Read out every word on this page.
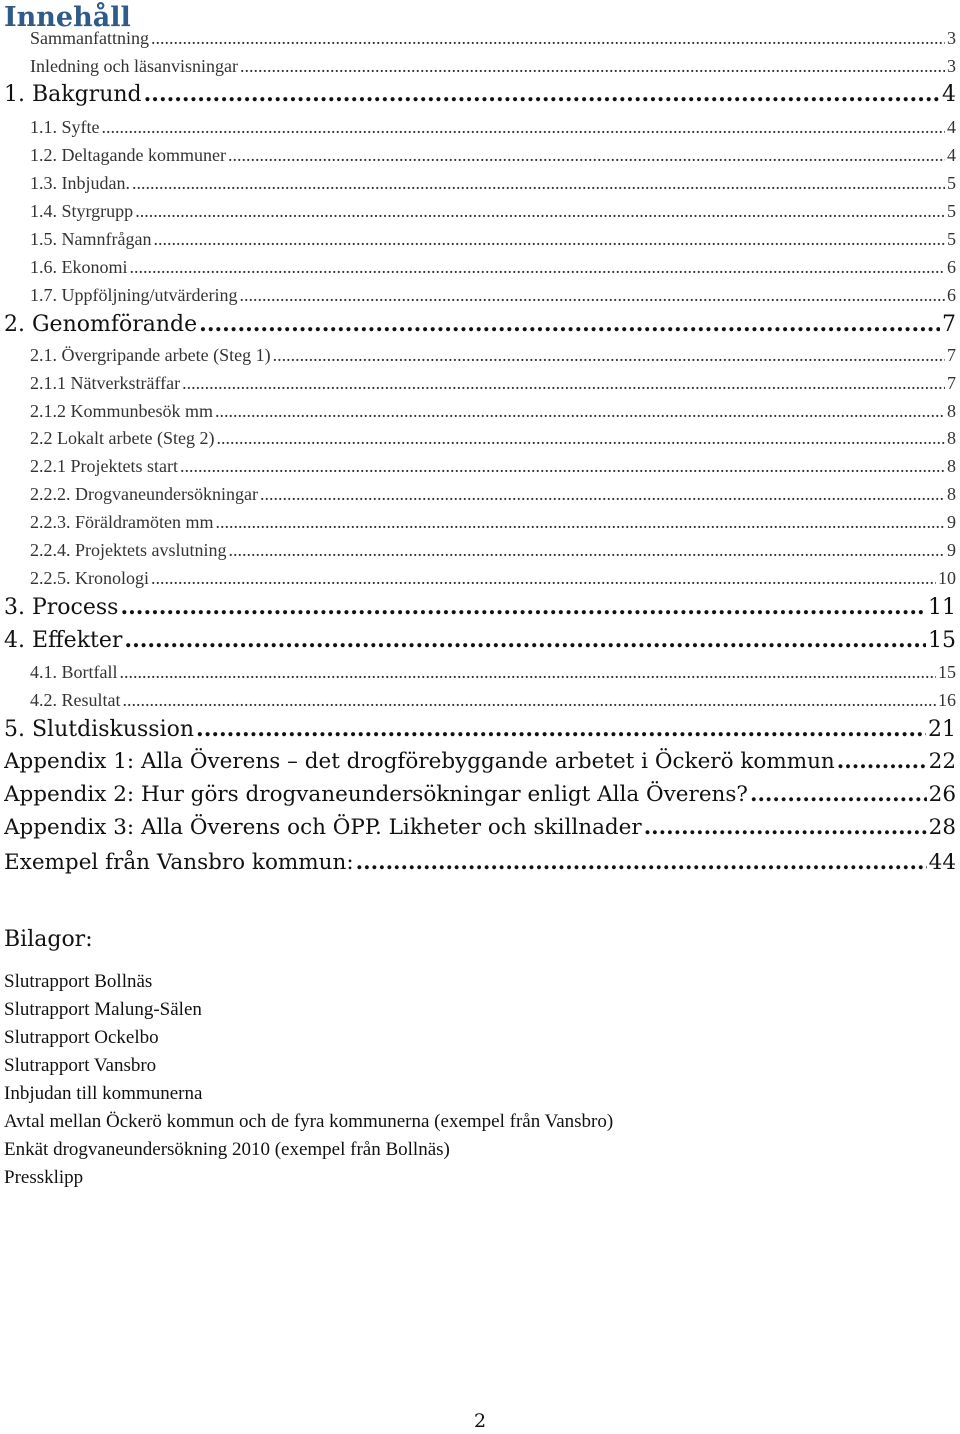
Innehåll
Sammanfattning .....	3
Inledning och läsanvisningar .....	3
1. Bakgrund .....	4
1.1. Syfte .....	4
1.2. Deltagande kommuner .....	4
1.3. Inbjudan. .....	5
1.4. Styrgrupp .....	5
1.5. Namnfrågan .....	5
1.6. Ekonomi .....	6
1.7. Uppföljning/utvärdering .....	6
2. Genomförande .....	7
2.1. Övergripande arbete (Steg 1) .....	7
2.1.1 Nätverksträffar .....	7
2.1.2 Kommunbesök mm .....	8
2.2 Lokalt arbete (Steg 2) .....	8
2.2.1 Projektets start .....	8
2.2.2. Drogvaneundersökningar .....	8
2.2.3. Föräldramöten mm .....	9
2.2.4. Projektets avslutning .....	9
2.2.5. Kronologi .....	10
3. Process .....	11
4. Effekter .....	15
4.1. Bortfall .....	15
4.2. Resultat .....	16
5. Slutdiskussion .....	21
Appendix 1: Alla Överens – det drogförebyggande arbetet i Öckerö kommun .....	22
Appendix 2: Hur görs drogvaneundersökningar enligt Alla Överens? .....	26
Appendix 3: Alla Överens och ÖPP. Likheter och skillnader .....	28
Exempel från Vansbro kommun: .....	44
Bilagor:
Slutrapport Bollnäs
Slutrapport Malung-Sälen
Slutrapport Ockelbo
Slutrapport Vansbro
Inbjudan till kommunerna
Avtal mellan Öckerö kommun och de fyra kommunerna (exempel från Vansbro)
Enkät drogvaneundersökning 2010 (exempel från Bollnäs)
Pressklipp
2
